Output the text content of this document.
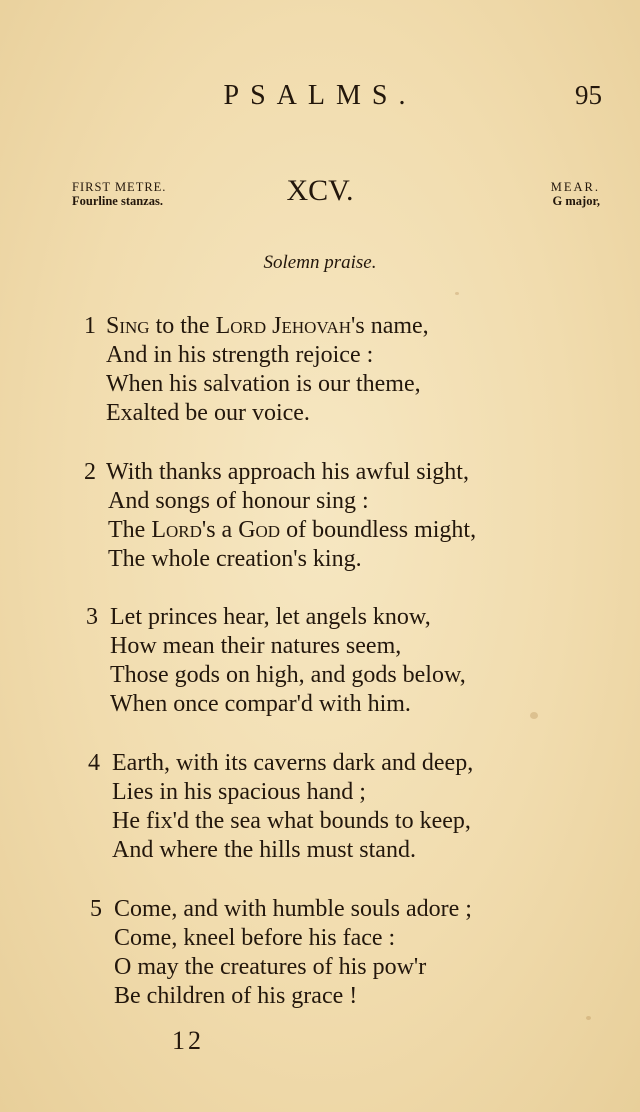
PSALMS.	95
FIRST METRE.
Fourline stanzas.	XCV.	MEAR.
G major,
Solemn praise.
1 Sing to the Lord Jehovah's name,
And in his strength rejoice :
When his salvation is our theme,
Exalted be our voice.
2 With thanks approach his awful sight,
And songs of honour sing :
The Lord's a God of boundless might,
The whole creation's king.
3 Let princes hear, let angels know,
How mean their natures seem,
Those gods on high, and gods below,
When once compar'd with him.
4 Earth, with its caverns dark and deep,
Lies in his spacious hand ;
He fix'd the sea what bounds to keep,
And where the hills must stand.
5 Come, and with humble souls adore ;
Come, kneel before his face :
O may the creatures of his pow'r
Be children of his grace !
12
